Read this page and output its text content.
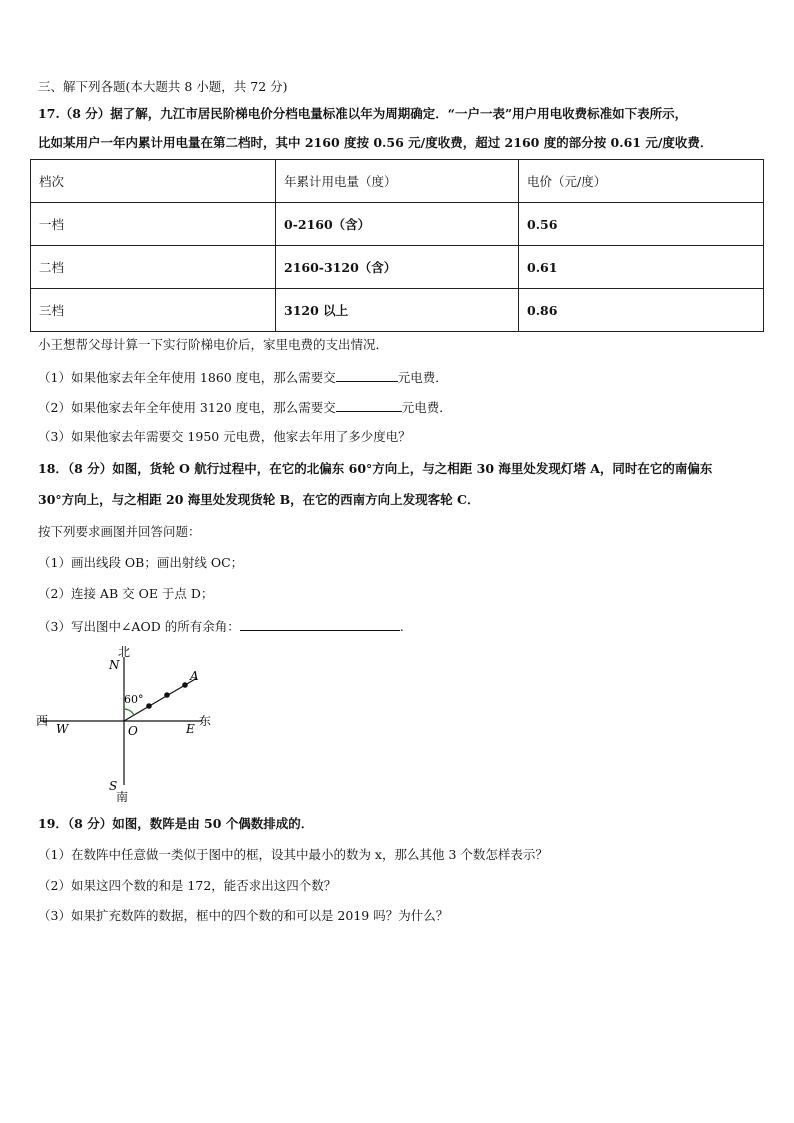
三、解下列各题(本大题共 8 小题，共 72 分)
17.（8 分）据了解，九江市居民阶梯电价分档电量标准以年为周期确定．“一户一表”用户用电收费标准如下表所示，
比如某用户一年内累计用电量在第二档时，其中 2160 度按 0.56 元/度收费，超过 2160 度的部分按 0.61 元/度收费．
档次	年累计用电量（度）	电价（元/度）
一档	0-2160（含）	0.56
二档	2160-3120（含）	0.61
三档	3120 以上	0.86
小王想帮父母计算一下实行阶梯电价后，家里电费的支出情况．
（1）如果他家去年全年使用 1860 度电，那么需要交	元电费．
（2）如果他家去年全年使用 3120 度电，那么需要交	元电费．
（3）如果他家去年需要交 1950 元电费，他家去年用了多少度电？
18．（8 分）如图，货轮 O 航行过程中，在它的北偏东 60°方向上，与之相距 30 海里处发现灯塔 A，同时在它的南偏东
30°方向上，与之相距 20 海里处发现货轮 B，在它的西南方向上发现客轮 C．
按下列要求画图并回答问题：
（1）画出线段 OB；画出射线 OC；
（2）连接 AB 交 OE 于点 D；
（3）写出图中∠AOD 的所有余角：	.
北
N
西
W
东
E
O
60°
A
S
南
19．（8 分）如图，数阵是由 50 个偶数排成的．
（1）在数阵中任意做一类似于图中的框，设其中最小的数为 x，那么其他 3 个数怎样表示？
（2）如果这四个数的和是 172，能否求出这四个数？
（3）如果扩充数阵的数据，框中的四个数的和可以是 2019 吗？为什么？
